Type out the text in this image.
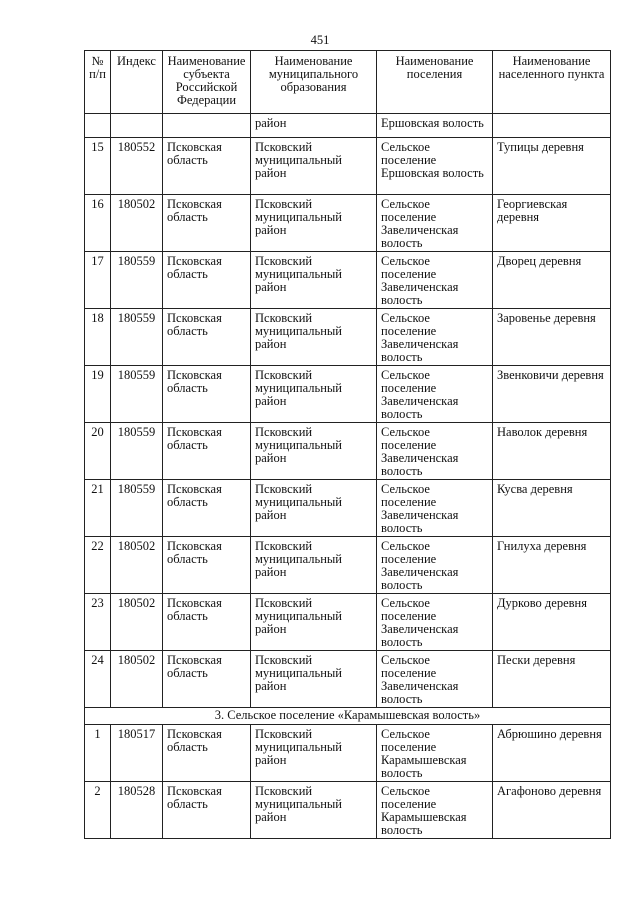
451
№ п/п	Индекс	Наименование субъекта Российской Федерации	Наименование муниципального образования	Наименование поселения	Наименование населенного пункта
			район	Ершовская волость	
15	180552	Псковская область	Псковский муниципальный район	Сельское поселение Ершовская волость	Тупицы деревня
16	180502	Псковская область	Псковский муниципальный район	Сельское поселение Завеличенская волость	Георгиевская деревня
17	180559	Псковская область	Псковский муниципальный район	Сельское поселение Завеличенская волость	Дворец деревня
18	180559	Псковская область	Псковский муниципальный район	Сельское поселение Завеличенская волость	Заровенье деревня
19	180559	Псковская область	Псковский муниципальный район	Сельское поселение Завеличенская волость	Звенковичи деревня
20	180559	Псковская область	Псковский муниципальный район	Сельское поселение Завеличенская волость	Наволок деревня
21	180559	Псковская область	Псковский муниципальный район	Сельское поселение Завеличенская волость	Кусва деревня
22	180502	Псковская область	Псковский муниципальный район	Сельское поселение Завеличенская волость	Гнилуха деревня
23	180502	Псковская область	Псковский муниципальный район	Сельское поселение Завеличенская волость	Дурково деревня
24	180502	Псковская область	Псковский муниципальный район	Сельское поселение Завеличенская волость	Пески деревня
3. Сельское поселение «Карамышевская волость»					
1	180517	Псковская область	Псковский муниципальный район	Сельское поселение Карамышевская волость	Абрюшино деревня
2	180528	Псковская область	Псковский муниципальный район	Сельское поселение Карамышевская волость	Агафоново деревня
